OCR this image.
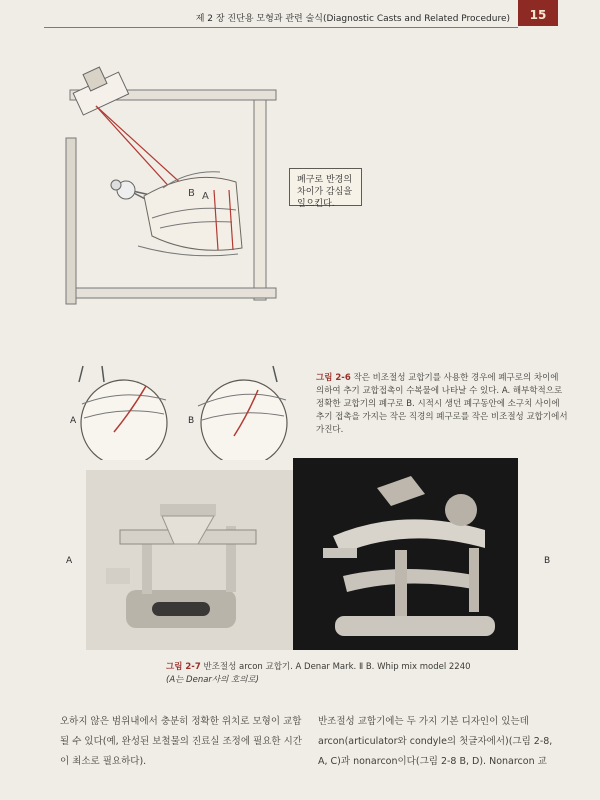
제 2 장 진단용 모형과 관련 술식(Diagnostic Casts and Related Procedure)	15
B A
폐구로 반경의 차이가 감심을 일으킨다.
A	B
그림 2-6 작은 비조절성 교합기를 사용한 경우에 폐구로의 차이에 의하여 추기 교합접촉이 수복물에 나타날 수 있다. A. 해부학적으로 정확한 교합기의 폐구로 B. 시적시 생던 폐구동안에 소구치 사이에 추기 접촉을 가지는 작은 직경의 폐구로를 작은 비조절성 교합기에서 가진다.
A	B
그림 2-7 반조절성 arcon 교합기. A Denar Mark. Ⅱ B. Whip mix model 2240
(A는 Denar사의 호의로)
오하지 않은 범위내에서 충분히 정확한 위치로 모형이 교합될 수 있다(예, 완성된 보철물의 진료실 조정에 필요한 시간이 최소로 필요하다).
반조절성 교합기에는 두 가지 기본 디자인이 있는데 arcon(articulator와 condyle의 첫글자에서)(그림 2-8, A, C)과 nonarcon이다(그림 2-8 B, D). Nonarcon 교
